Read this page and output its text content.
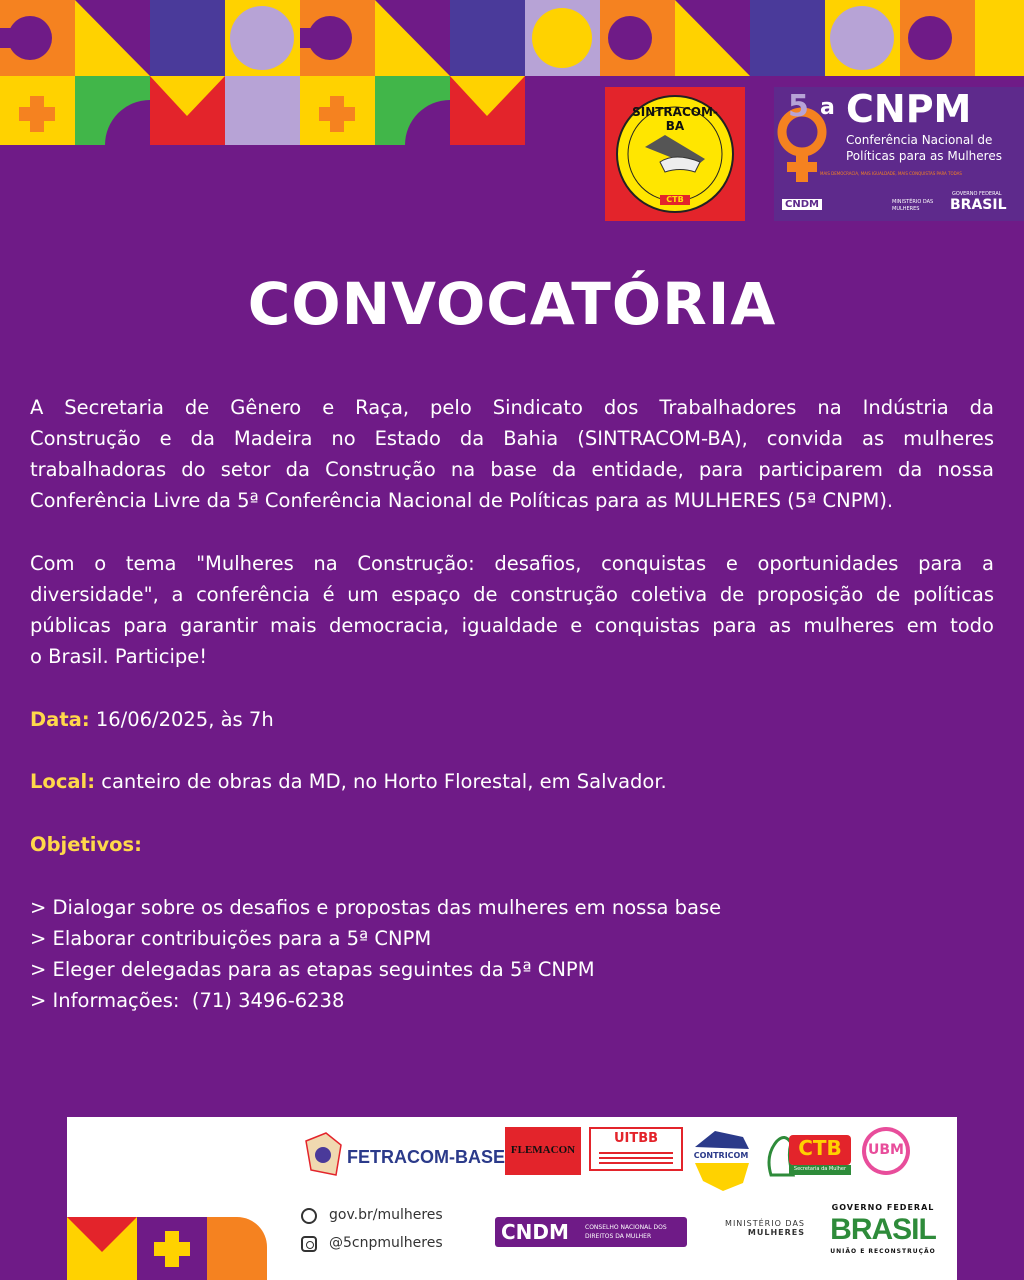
SINTRACOM-BA
CTB
5 a CNPM
Conferência Nacional de
Políticas para as Mulheres
MAIS DEMOCRACIA, MAIS IGUALDADE, MAIS CONQUISTAS PARA TODAS
CNDM	MINISTÉRIO DAS MULHERES
GOVERNO FEDERAL
BRASIL
CONVOCATÓRIA
A Secretaria de Gênero e Raça, pelo Sindicato dos Trabalhadores na Indústria da
Construção e da Madeira no Estado da Bahia (SINTRACOM-BA), convida as mulheres
trabalhadoras do setor da Construção na base da entidade, para participarem da nossa
Conferência Livre da 5ª Conferência Nacional de Políticas para as MULHERES (5ª CNPM).
Com o tema "Mulheres na Construção: desafios, conquistas e oportunidades para a
diversidade", a conferência é um espaço de construção coletiva de proposição de políticas
públicas para garantir mais democracia, igualdade e conquistas para as mulheres em todo
o Brasil. Participe!
Data: 16/06/2025, às 7h
Local: canteiro de obras da MD, no Horto Florestal, em Salvador.
Objetivos:
> Dialogar sobre os desafios e propostas das mulheres em nossa base
> Elaborar contribuições para a 5ª CNPM
> Eleger delegadas para as etapas seguintes da 5ª CNPM
> Informações:  (71) 3496-6238
FETRACOM-BASE FLEMACON
UITBB
CONTRICOM	CTB
Secretaria da Mulher
UBM
gov.br/mulheres
@5cnpmulheres	CNDM	CONSELHO NACIONAL DOS
DIREITOS DA MULHER
MINISTÉRIO DAS
MULHERES
GOVERNO FEDERAL
BRASIL
UNIÃO E RECONSTRUÇÃO
